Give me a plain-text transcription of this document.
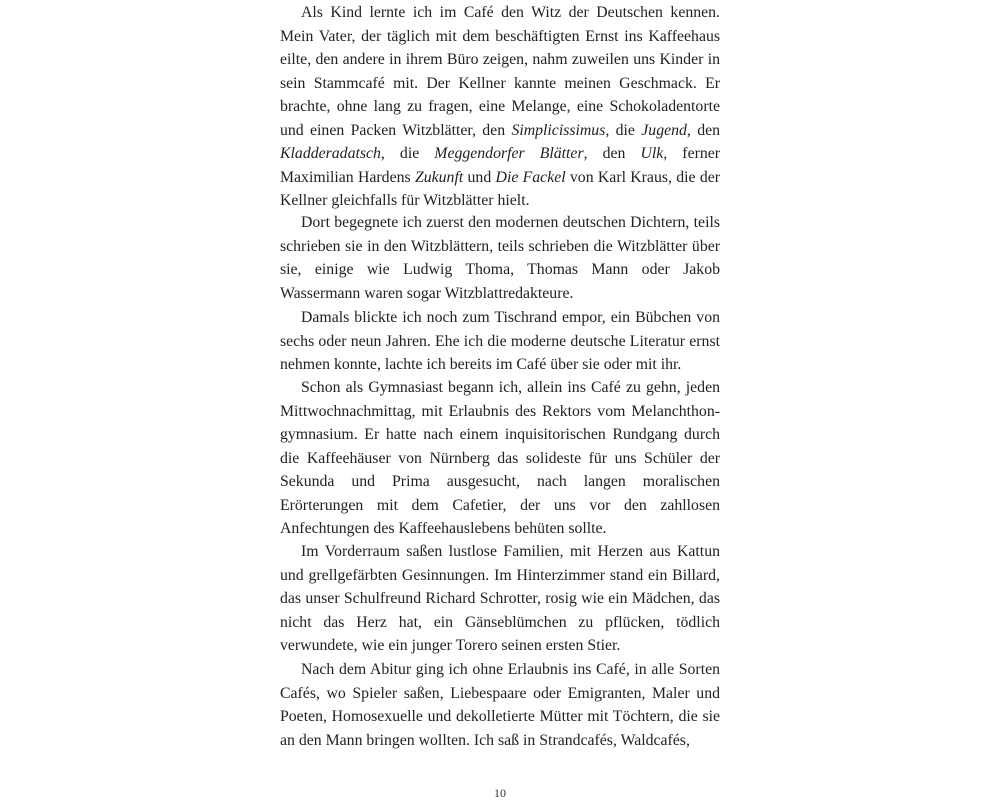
Als Kind lernte ich im Café den Witz der Deutschen kennen. Mein Vater, der täglich mit dem beschäftigten Ernst ins Kaffeehaus eilte, den andere in ihrem Büro zeigen, nahm zuweilen uns Kinder in sein Stammcafé mit. Der Kellner kannte meinen Geschmack. Er brachte, ohne lang zu fragen, eine Melange, eine Schokoladentorte und einen Packen Witzblätter, den Simplicissimus, die Jugend, den Kladderadatsch, die Meggendorfer Blätter, den Ulk, ferner Maximilian Hardens Zukunft und Die Fackel von Karl Kraus, die der Kellner gleichfalls für Witzblätter hielt.

Dort begegnete ich zuerst den modernen deutschen Dichtern, teils schrieben sie in den Witzblättern, teils schrieben die Witzblätter über sie, einige wie Ludwig Thoma, Thomas Mann oder Jakob Wassermann waren sogar Witzblattredakteure.

Damals blickte ich noch zum Tischrand empor, ein Bübchen von sechs oder neun Jahren. Ehe ich die moderne deutsche Literatur ernst nehmen konnte, lachte ich bereits im Café über sie oder mit ihr.

Schon als Gymnasiast begann ich, allein ins Café zu gehn, jeden Mittwochnachmittag, mit Erlaubnis des Rektors vom Melanchthongymnasium. Er hatte nach einem inquisitorischen Rundgang durch die Kaffeehäuser von Nürnberg das solideste für uns Schüler der Sekunda und Prima ausgesucht, nach langen moralischen Erörterungen mit dem Cafetier, der uns vor den zahllosen Anfechtungen des Kaffeehauslebens behüten sollte.

Im Vorderraum saßen lustlose Familien, mit Herzen aus Kattun und grellgefärbten Gesinnungen. Im Hinterzimmer stand ein Billard, das unser Schulfreund Richard Schrotter, rosig wie ein Mädchen, das nicht das Herz hat, ein Gänseblümchen zu pflücken, tödlich verwundete, wie ein junger Torero seinen ersten Stier.

Nach dem Abitur ging ich ohne Erlaubnis ins Café, in alle Sorten Cafés, wo Spieler saßen, Liebespaare oder Emigranten, Maler und Poeten, Homosexuelle und dekolletierte Mütter mit Töchtern, die sie an den Mann bringen wollten. Ich saß in Strandcafés, Waldcafés,

10
